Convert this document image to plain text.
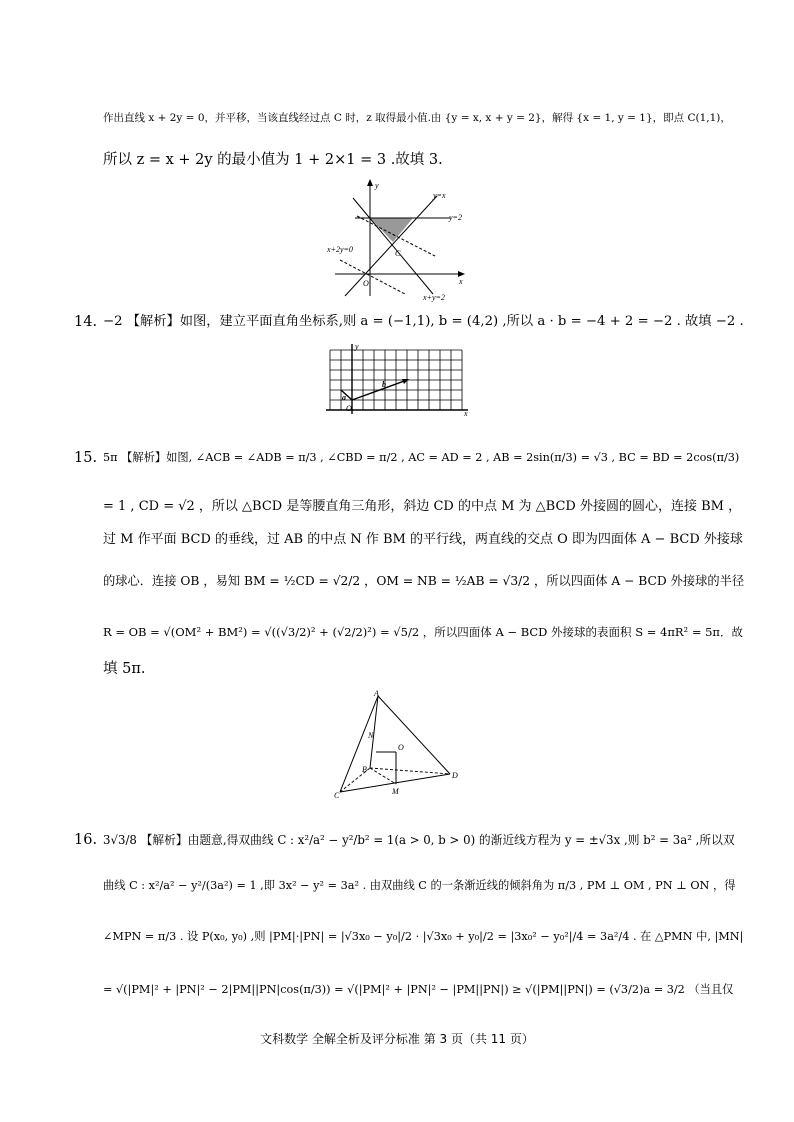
作出直线 x + 2y = 0，并平移，当该直线经过点 C 时，z 取得最小值.由 {y = x, x + y = 2}，解得 {x = 1, y = 1}，即点 C(1,1)，
所以 z = x + 2y 的最小值为 1 + 2×1 = 3 .故填 3.
y
y=x
y=2
x+2y=0	C
O	x
x+y=2
14. −2 【解析】如图，建立平面直角坐标系,则 a = (−1,1), b = (4,2) ,所以 a · b = −4 + 2 = −2 . 故填 −2 .
y
a
b
O
x
15. 5π 【解析】如图, ∠ACB = ∠ADB = π/3 , ∠CBD = π/2 , AC = AD = 2 , AB = 2sin(π/3) = √3 , BC = BD = 2cos(π/3)
= 1 , CD = √2 ，所以 △BCD 是等腰直角三角形，斜边 CD 的中点 M 为 △BCD 外接圆的圆心，连接 BM ，
过 M 作平面 BCD 的垂线，过 AB 的中点 N 作 BM 的平行线，两直线的交点 O 即为四面体 A − BCD 外接球
的球心．连接 OB ，易知 BM = ½CD = √2/2 ，OM = NB = ½AB = √3/2 ，所以四面体 A − BCD 外接球的半径
R = OB = √(OM² + BM²) = √((√3/2)² + (√2/2)²) = √5/2 ，所以四面体 A − BCD 外接球的表面积 S = 4πR² = 5π．故
填 5π.
A
N
O
B
D
C	M
16. 3√3/8 【解析】由题意,得双曲线 C : x²/a² − y²/b² = 1(a > 0, b > 0) 的渐近线方程为 y = ±√3x ,则 b² = 3a² ,所以双
曲线 C : x²/a² − y²/(3a²) = 1 ,即 3x² − y² = 3a² . 由双曲线 C 的一条渐近线的倾斜角为 π/3 , PM ⊥ OM , PN ⊥ ON ，得
∠MPN = π/3 . 设 P(x₀, y₀) ,则 |PM|·|PN| = |√3x₀ − y₀|/2 · |√3x₀ + y₀|/2 = |3x₀² − y₀²|/4 = 3a²/4 . 在 △PMN 中, |MN|
= √(|PM|² + |PN|² − 2|PM||PN|cos(π/3)) = √(|PM|² + |PN|² − |PM||PN|) ≥ √(|PM||PN|) = (√3/2)a = 3/2 （当且仅
文科数学 全解全析及评分标准 第 3 页（共 11 页）
